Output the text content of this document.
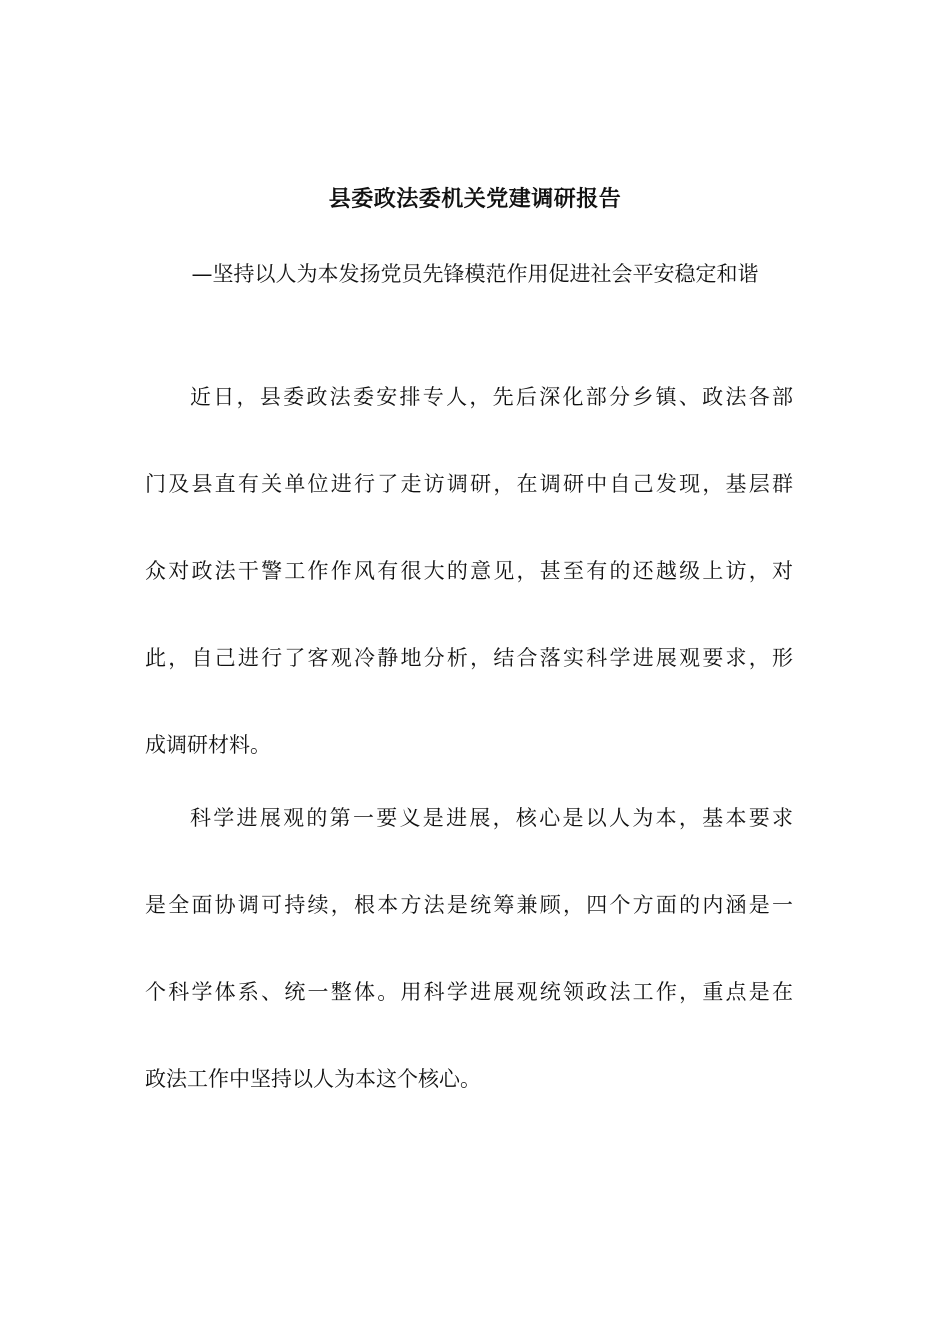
县委政法委机关党建调研报告

—坚持以人为本发扬党员先锋模范作用促进社会平安稳定和谐

近日，县委政法委安排专人，先后深化部分乡镇、政法各部
门及县直有关单位进行了走访调研，在调研中自己发现，基层群
众对政法干警工作作风有很大的意见，甚至有的还越级上访，对
此，自己进行了客观冷静地分析，结合落实科学进展观要求，形
成调研材料。
科学进展观的第一要义是进展，核心是以人为本，基本要求
是全面协调可持续，根本方法是统筹兼顾，四个方面的内涵是一
个科学体系、统一整体。用科学进展观统领政法工作，重点是在
政法工作中坚持以人为本这个核心。
